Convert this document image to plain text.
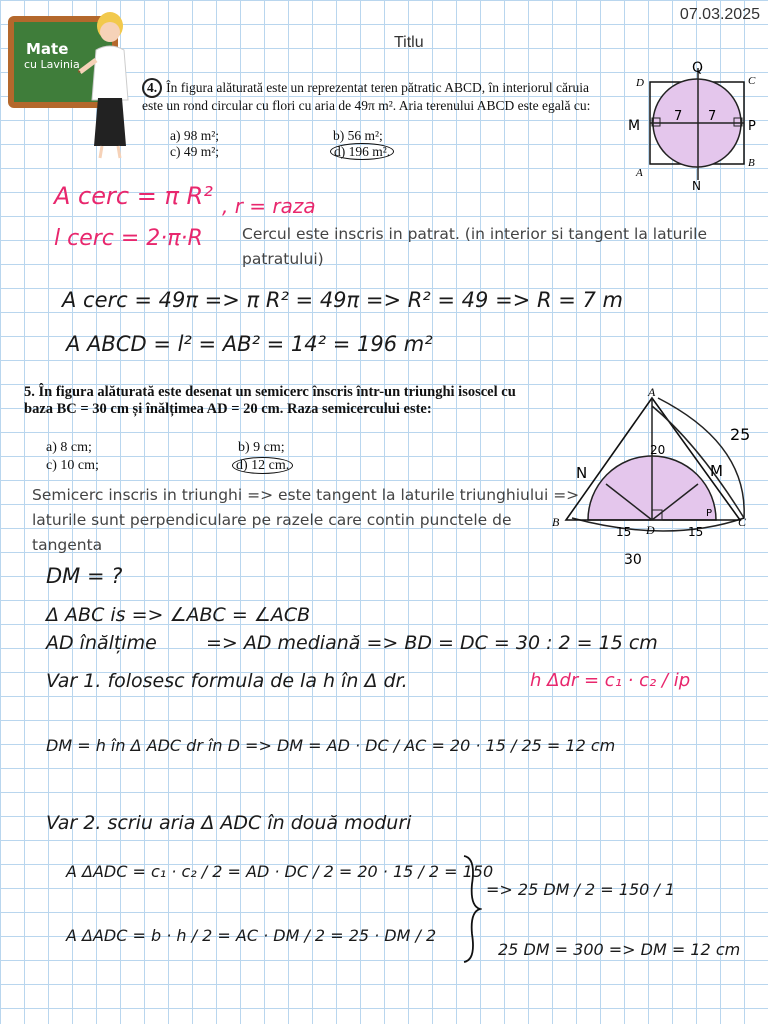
07.03.2025
Titlu
Mate
cu Lavinia
4. În figura alăturată este un reprezentat teren pătratic ABCD, în interiorul căruia este un rond circular cu flori cu aria de 49π m². Aria terenului ABCD este egală cu:
a) 98 m²;	b) 56 m²;
c) 49 m²;	d) 196 m².
D	C
A
B
Q
N
M	P
7 7
A cerc = π R² , r = raza
l cerc = 2·π·R	Cercul este inscris in patrat. (in interior si tangent la laturile patratului)
A cerc = 49π => π R² = 49π => R² = 49 => R = 7 m
A ABCD = l² = AB² = 14² = 196 m²
5. În figura alăturată este desenat un semicerc înscris într-un triunghi isoscel cu baza BC = 30 cm și înălțimea AD = 20 cm. Raza semicercului este:
a) 8 cm;	b) 9 cm;
c) 10 cm;	d) 12 cm.
A
B	C
D
N	M
P
20
25
15	15
30
Semicerc inscris in triunghi => este tangent la laturile triunghiului => laturile sunt perpendiculare pe razele care contin punctele de tangenta
DM = ?
Δ ABC is => ∠ABC = ∠ACB
AD înălțime	=> AD mediană => BD = DC = 30 : 2 = 15 cm
Var 1. folosesc formula de la h în Δ dr.	h Δdr = c₁ · c₂ / ip
DM = h în Δ ADC dr în D => DM = AD · DC / AC = 20 · 15 / 25 = 12 cm
Var 2. scriu aria Δ ADC în două moduri
A ΔADC = c₁ · c₂ / 2 = AD · DC / 2 = 20 · 15 / 2 = 150
A ΔADC = b · h / 2 = AC · DM / 2 = 25 · DM / 2
=> 25 DM / 2 = 150 / 1
25 DM = 300 => DM = 12 cm
